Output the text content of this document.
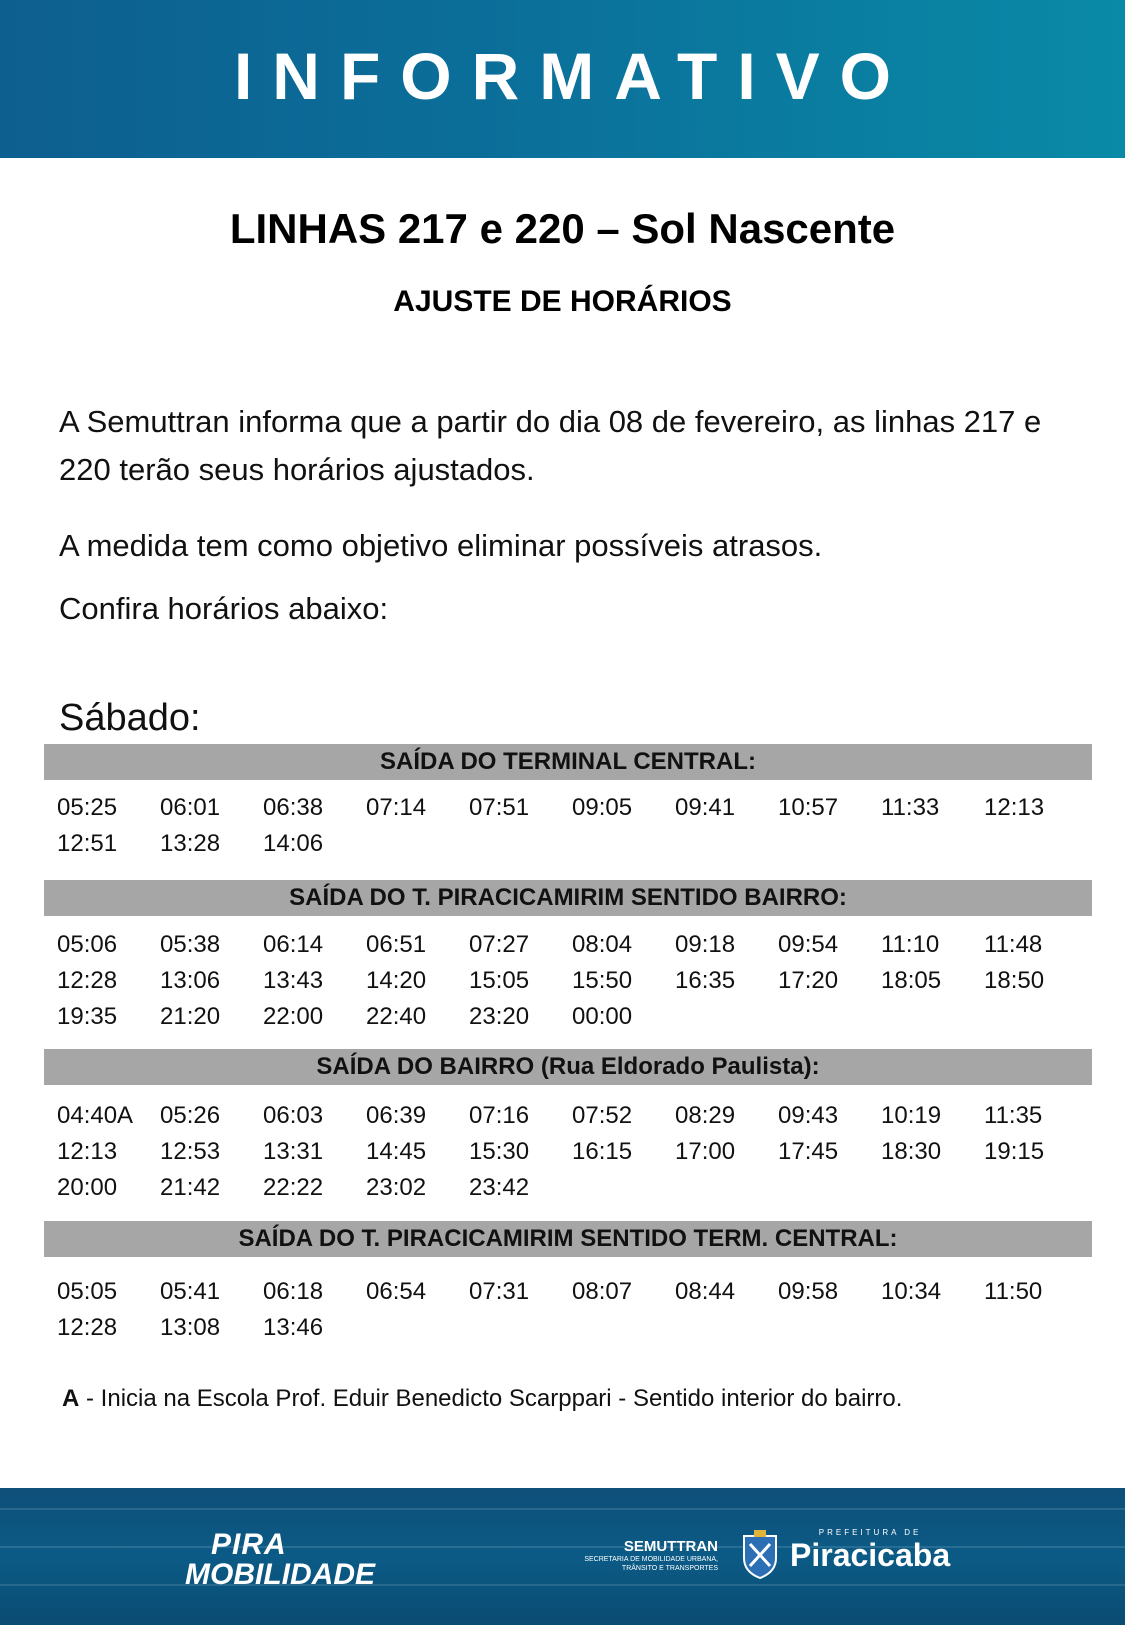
INFORMATIVO
LINHAS 217 e 220 – Sol Nascente
AJUSTE DE HORÁRIOS
A Semuttran informa que a partir do dia 08 de fevereiro, as linhas 217 e 220 terão seus horários ajustados.
A medida tem como objetivo eliminar possíveis atrasos.
Confira horários abaixo:
Sábado:
SAÍDA DO TERMINAL CENTRAL:
05:25	06:01	06:38	07:14	07:51	09:05	09:41	10:57	11:33	12:13
12:51	13:28	14:06
SAÍDA DO T. PIRACICAMIRIM SENTIDO BAIRRO:
05:06	05:38	06:14	06:51	07:27	08:04	09:18	09:54	11:10	11:48
12:28	13:06	13:43	14:20	15:05	15:50	16:35	17:20	18:05	18:50
19:35	21:20	22:00	22:40	23:20	00:00
SAÍDA DO BAIRRO (Rua Eldorado Paulista):
04:40A	05:26	06:03	06:39	07:16	07:52	08:29	09:43	10:19	11:35
12:13	12:53	13:31	14:45	15:30	16:15	17:00	17:45	18:30	19:15
20:00	21:42	22:22	23:02	23:42
SAÍDA DO T. PIRACICAMIRIM SENTIDO TERM. CENTRAL:
05:05	05:41	06:18	06:54	07:31	08:07	08:44	09:58	10:34	11:50
12:28	13:08	13:46
A - Inicia na Escola Prof. Eduir Benedicto Scarppari - Sentido interior do bairro.
PIRA
MOBILIDADE
SEMUTTRAN
SECRETARIA DE MOBILIDADE URBANA,
TRÂNSITO E TRANSPORTES
PREFEITURA DE
Piracicaba
